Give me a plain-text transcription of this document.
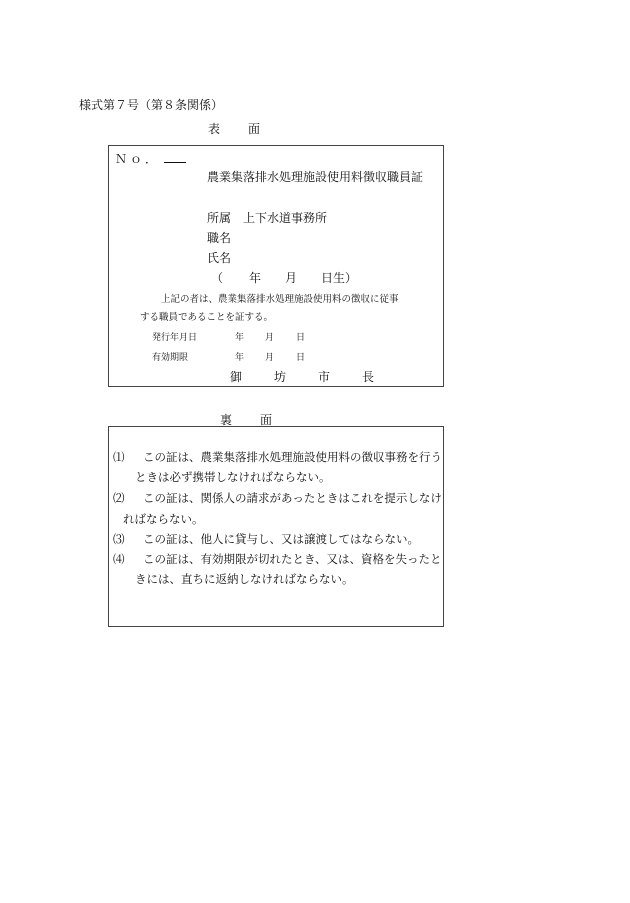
様式第７号（第８条関係）
表　面
Ｎｏ．
農業集落排水処理施設使用料徴収職員証
所属 上下水道事務所
職名
氏名
（ 年 月 日生）
上記の者は、農業集落排水処理施設使用料の徴収に従事
する職員であることを証する。
発行年月日	年 月 日
有効期限	年 月 日
御　坊　市　長
裏　面
⑴ この証は、農業集落排水処理施設使用料の徴収事務を行う
ときは必ず携帯しなければならない。
⑵ この証は、関係人の請求があったときはこれを提示しなけ
ればならない。
⑶ この証は、他人に貸与し、又は譲渡してはならない。
⑷ この証は、有効期限が切れたとき、又は、資格を失ったと
きには、直ちに返納しなければならない。
